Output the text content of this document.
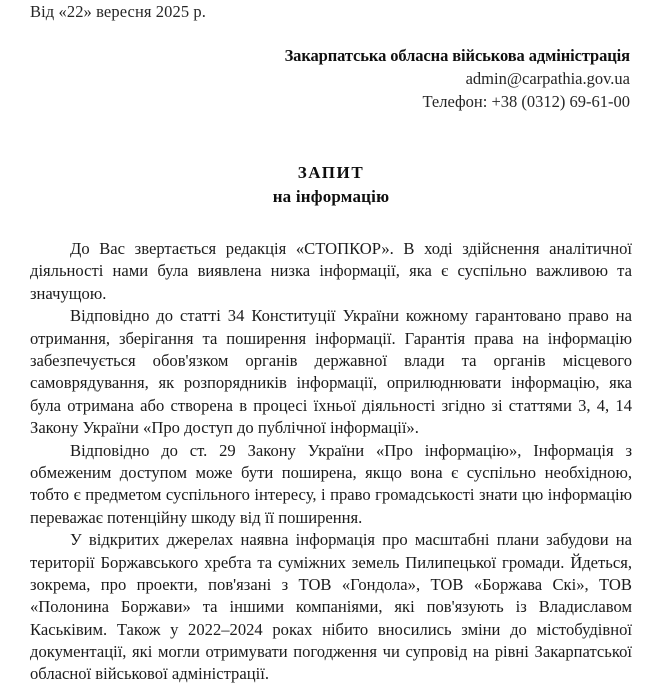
Від «22» вересня 2025 р.
Закарпатська обласна військова адміністрація
admin@carpathia.gov.ua
Телефон: +38 (0312) 69-61-00
ЗАПИТ
на інформацію

До Вас звертається редакція «СТОПКОР». В ході здійснення аналітичної діяльності нами була виявлена низка інформації, яка є суспільно важливою та значущою.

Відповідно до статті 34 Конституції України кожному гарантовано право на отримання, зберігання та поширення інформації. Гарантія права на інформацію забезпечується обов'язком органів державної влади та органів місцевого самоврядування, як розпорядників інформації, оприлюднювати інформацію, яка була отримана або створена в процесі їхньої діяльності згідно зі статтями 3, 4, 14 Закону України «Про доступ до публічної інформації».

Відповідно до ст. 29 Закону України «Про інформацію», Інформація з обмеженим доступом може бути поширена, якщо вона є суспільно необхідною, тобто є предметом суспільного інтересу, і право громадськості знати цю інформацію переважає потенційну шкоду від її поширення.

У відкритих джерелах наявна інформація про масштабні плани забудови на території Боржавського хребта та суміжних земель Пилипецької громади. Йдеться, зокрема, про проекти, пов'язані з ТОВ «Гондола», ТОВ «Боржава Скі», ТОВ «Полонина Боржави» та іншими компаніями, які пов'язують із Владиславом Каськівим. Також у 2022–2024 роках нібито вносились зміни до містобудівної документації, які могли отримувати погодження чи супровід на рівні Закарпатської обласної військової адміністрації.
